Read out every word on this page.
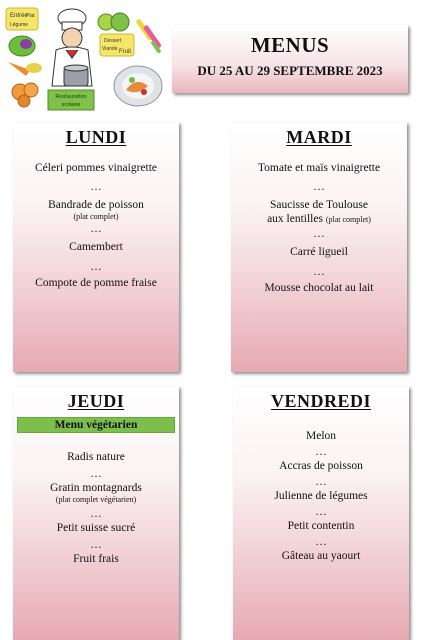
Entrée
Plat
Légume
Restauration
scolaire
Dessert
Viande Fruit	MENUS
DU 25 AU 29 SEPTEMBRE 2023
LUNDI
Céleri pommes vinaigrette
…
Bandrade de poisson
(plat complet)
…
Camembert
…
Compote de pomme fraise
MARDI
Tomate et maïs vinaigrette
…
Saucisse de Toulouse
aux lentilles (plat complet)
…
Carré ligueil
…
Mousse chocolat au lait
JEUDI
Menu végétarien
Radis nature
…
Gratin montagnards
(plat complet végétarien)
…
Petit suisse sucré
…
Fruit frais
VENDREDI
Melon
…
Accras de poisson
…
Julienne de légumes
…
Petit contentin
…
Gâteau au yaourt
